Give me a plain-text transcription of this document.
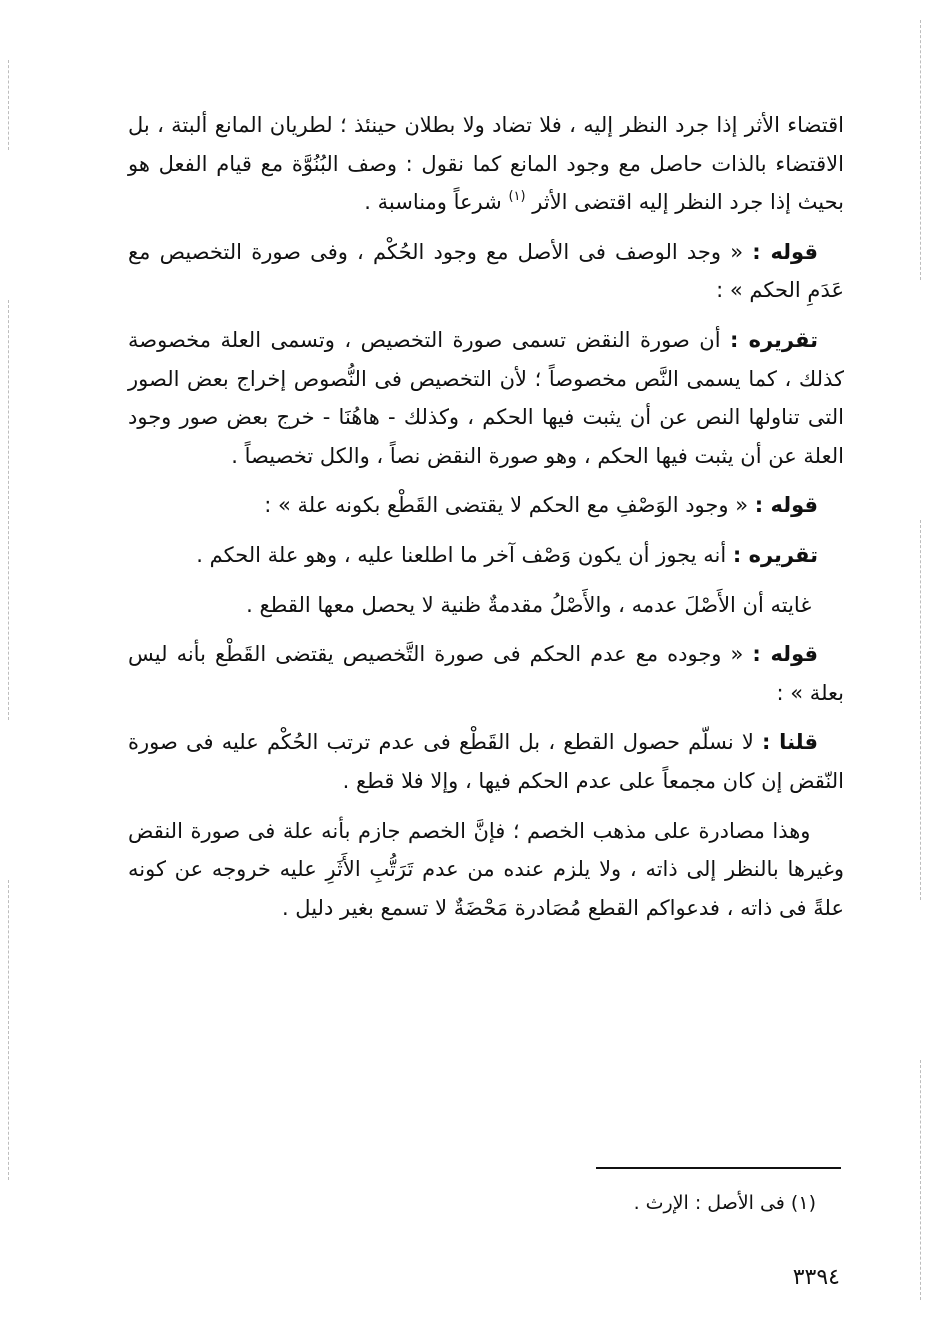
اقتضاء الأثر إذا جرد النظر إليه ، فلا تضاد ولا بطلان حينئذ ؛ لطريان المانع ألبتة ، بل الاقتضاء بالذات حاصل مع وجود المانع كما نقول : وصف البُنُوَّة مع قيام الفعل هو بحيث إذا جرد النظر إليه اقتضى الأثر $^{(١)}$ شرعاً ومناسبة .

قوله : « وجد الوصف فى الأصل مع وجود الحُكْم ، وفى صورة التخصيص مع عَدَمِ الحكم » :

تقريره : أن صورة النقض تسمى صورة التخصيص ، وتسمى العلة مخصوصة كذلك ، كما يسمى النَّص مخصوصاً ؛ لأن التخصيص فى النُّصوص إخراج بعض الصور التى تناولها النص عن أن يثبت فيها الحكم ، وكذلك - هاهُنَا - خرج بعض صور وجود العلة عن أن يثبت فيها الحكم ، وهو صورة النقض نصاً ، والكل تخصيصاً .

قوله : « وجود الوَصْفِ مع الحكم لا يقتضى القَطْع بكونه علة » :

تقريره : أنه يجوز أن يكون وَصْف آخر ما اطلعنا عليه ، وهو علة الحكم .

غايته أن الأَصْلَ عدمه ، والأَصْلُ مقدمةٌ ظنية لا يحصل معها القطع .

قوله : « وجوده مع عدم الحكم فى صورة التَّخصيص يقتضى القَطْع بأنه ليس بعلة » :

قلنا : لا نسلّم حصول القطع ، بل القَطْع فى عدم ترتب الحُكْم عليه فى صورة النّقض إن كان مجمعاً على عدم الحكم فيها ، وإلا فلا قطع .

وهذا مصادرة على مذهب الخصم ؛ فإنَّ الخصم جازم بأنه علة فى صورة النقض وغيرها بالنظر إلى ذاته ، ولا يلزم عنده من عدم تَرَتُّبِ الأَثَرِ عليه خروجه عن كونه علةً فى ذاته ، فدعواكم القطع مُصَادرة مَحْضَةٌ لا تسمع بغير دليل .

(١) فى الأصل : الإرث .
٣٣٩٤
